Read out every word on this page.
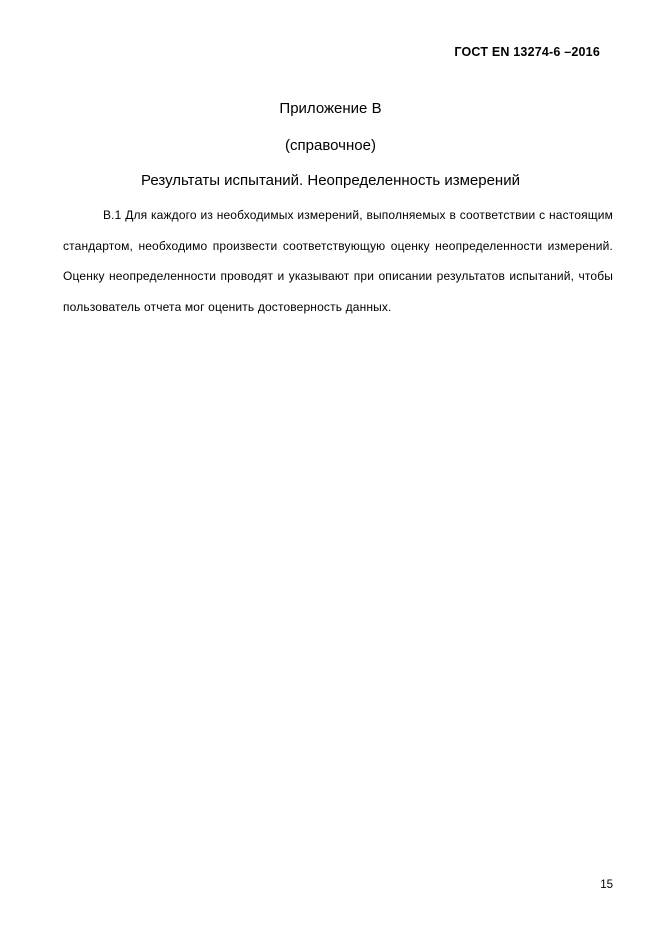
ГОСТ EN 13274-6 –2016
Приложение В
(справочное)
Результаты испытаний. Неопределенность измерений

В.1 Для каждого из необходимых измерений, выполняемых в соответствии с настоящим стандартом, необходимо произвести соответствующую оценку неопределенности измерений. Оценку неопределенности проводят и указывают при описании результатов испытаний, чтобы пользователь отчета мог оценить достоверность данных.

15
